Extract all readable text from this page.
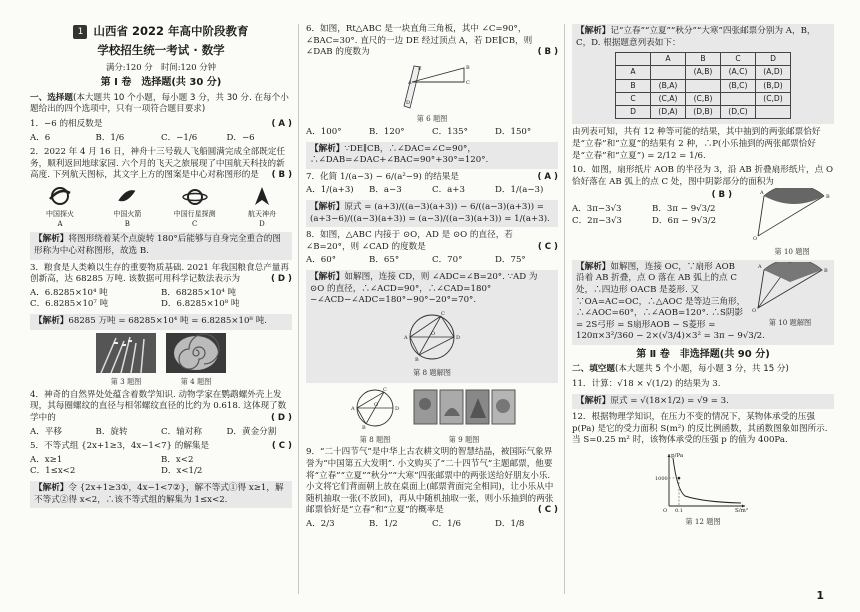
1 山西省 2022 年高中阶段教育
学校招生统一考试 · 数学
满分:120 分　时间:120 分钟
第 Ⅰ 卷　选择题(共 30 分)
一、选择题(本大题共 10 个小题，每小题 3 分，共 30 分. 在每个小题给出的四个选项中，只有一项符合题目要求)
1．−6 的相反数是	( A )
A．6	B．1/6	C．−1/6	D．−6
2．2022 年 4 月 16 日，神舟十三号载人飞船圆满完成全部既定任务，顺利返回地球家园. 六个月的飞天之旅展现了中国航天科技的新高度. 下列航天图标，其文字上方的图案是中心对称图形的是 ( B )
中国探火
A
中国火箭
B
中国行星探测
C
航天神舟
D
【解析】将图形绕着某个点旋转 180°后能够与自身完全重合的图形称为中心对称图形，故选 B.
3．粮食是人类赖以生存的重要物质基础. 2021 年我国粮食总产量再创新高，达 68285 万吨. 该数据可用科学记数法表示为	( D )
A．6.8285×10⁴ 吨	B．68285×10⁴ 吨
C．6.8285×10⁷ 吨	D．6.8285×10⁸ 吨
【解析】68285 万吨 = 68285×10⁴ 吨 = 6.8285×10⁸ 吨.
第 3 题图	第 4 题图
4．神奇的自然界处处蕴含着数学知识. 动物学家在鹦鹉螺外壳上发现，其每圈螺纹的直径与相邻螺纹直径的比约为 0.618. 这体现了数学中的	( D )
A．平移	B．旋转	C．轴对称	D．黄金分割
5．不等式组 {2x+1≥3，4x−1<7} 的解集是	( C )
A．x≥1	B．x<2
C．1≤x<2	D．x<1/2
【解析】令 {2x+1≥3①，4x−1<7②}，解不等式①得 x≥1，解不等式②得 x<2，∴该不等式组的解集为 1≤x<2.
6．如图，Rt△ABC 是一块直角三角板，其中 ∠C=90°，∠BAC=30°. 直尺的一边 DE 经过顶点 A，若 DE∥CB，则 ∠DAB 的度数为	( B )
D
E
A	C
B
第 6 题图
A．100°	B．120°	C．135°	D．150°
【解析】∵DE∥CB，∴∠DAC=∠C=90°，∴∠DAB=∠DAC+∠BAC=90°+30°=120°.
7．化简 1/(a−3) − 6/(a²−9) 的结果是	( A )
A．1/(a+3)	B．a−3	C．a+3	D．1/(a−3)
【解析】原式 = (a+3)/((a−3)(a+3)) − 6/((a−3)(a+3)) = (a+3−6)/((a−3)(a+3)) = (a−3)/((a−3)(a+3)) = 1/(a+3).
8．如图，△ABC 内接于 ⊙O，AD 是 ⊙O 的直径，若 ∠B=20°，则 ∠CAD 的度数是	( C )
A．60°	B．65°	C．70°	D．75°
【解析】如解图，连接 CD，则 ∠ADC=∠B=20°. ∵AD 为 ⊙O 的直径，∴∠ACD=90°，∴∠CAD=180°−∠ACD−∠ADC=180°−90°−20°=70°.
A	D
C
B
O
第 8 题解图
A	D
C
B
O
第 8 题图	第 9 题图
9．“二十四节气”是中华上古农耕文明的智慧结晶，被国际气象界誉为“中国第五大发明”. 小文购买了“二十四节气”主题邮票，他要将“立春”“立夏”“秋分”“大寒”四张邮票中的两张送给好朋友小乐. 小文将它们背面朝上放在桌面上(邮票背面完全相同)，让小乐从中随机抽取一张(不放回)，再从中随机抽取一张，则小乐抽到的两张邮票恰好是“立春”和“立夏”的概率是	( C )
A．2/3	B．1/2	C．1/6	D．1/8
【解析】记“立春”“立夏”“秋分”“大寒”四张邮票分别为 A，B，C，D. 根据题意列表如下：
	A	B	C	D
A		(A,B)	(A,C)	(A,D)
B	(B,A)		(B,C)	(B,D)
C	(C,A)	(C,B)		(C,D)
D	(D,A)	(D,B)	(D,C)	
由列表可知，共有 12 种等可能的结果，其中抽到的两张邮票恰好是“立春”和“立夏”的结果有 2 种，∴P(小乐抽到的两张邮票恰好是“立春”和“立夏”) = 2/12 = 1/6.
10．如图，扇形纸片 AOB 的半径为 3，沿 AB 折叠扇形纸片，点 O 恰好落在 AB 弧上的点 C 处，图中阴影部分的面积为
( B )
A．3π−3√3	B．3π − 9√3/2
C．2π−3√3	D．6π − 9√3/2
O
A
B
第 10 题图
O
A
C
B
第 10 题解图
【解析】如解图，连接 OC，∵扇形 AOB 沿着 AB 折叠，点 O 落在 AB 弧上的点 C 处，∴四边形 OACB 是菱形. 又∵OA=AC=OC，∴△AOC 是等边三角形，∴∠AOC=60°，∴∠AOB=120°. ∴S阴影 = 2S弓形 = S扇形AOB − S菱形 = 120π×3²/360 − 2×(√3/4)×3² = 3π − 9√3/2.
第 Ⅱ 卷　非选择题(共 90 分)
二、填空题(本大题共 5 个小题，每小题 3 分，共 15 分)
11．计算：√18 × √(1/2) 的结果为 3.
【解析】原式 = √(18×1/2) = √9 = 3.
12．根据物理学知识，在压力不变的情况下，某物体承受的压强 p(Pa) 是它的受力面积 S(m²) 的反比例函数，其函数图象如图所示. 当 S=0.25 m² 时，该物体承受的压强 p 的值为 400Pa.
p/Pa
S/m²
1000
0.1
O
第 12 题图
1
